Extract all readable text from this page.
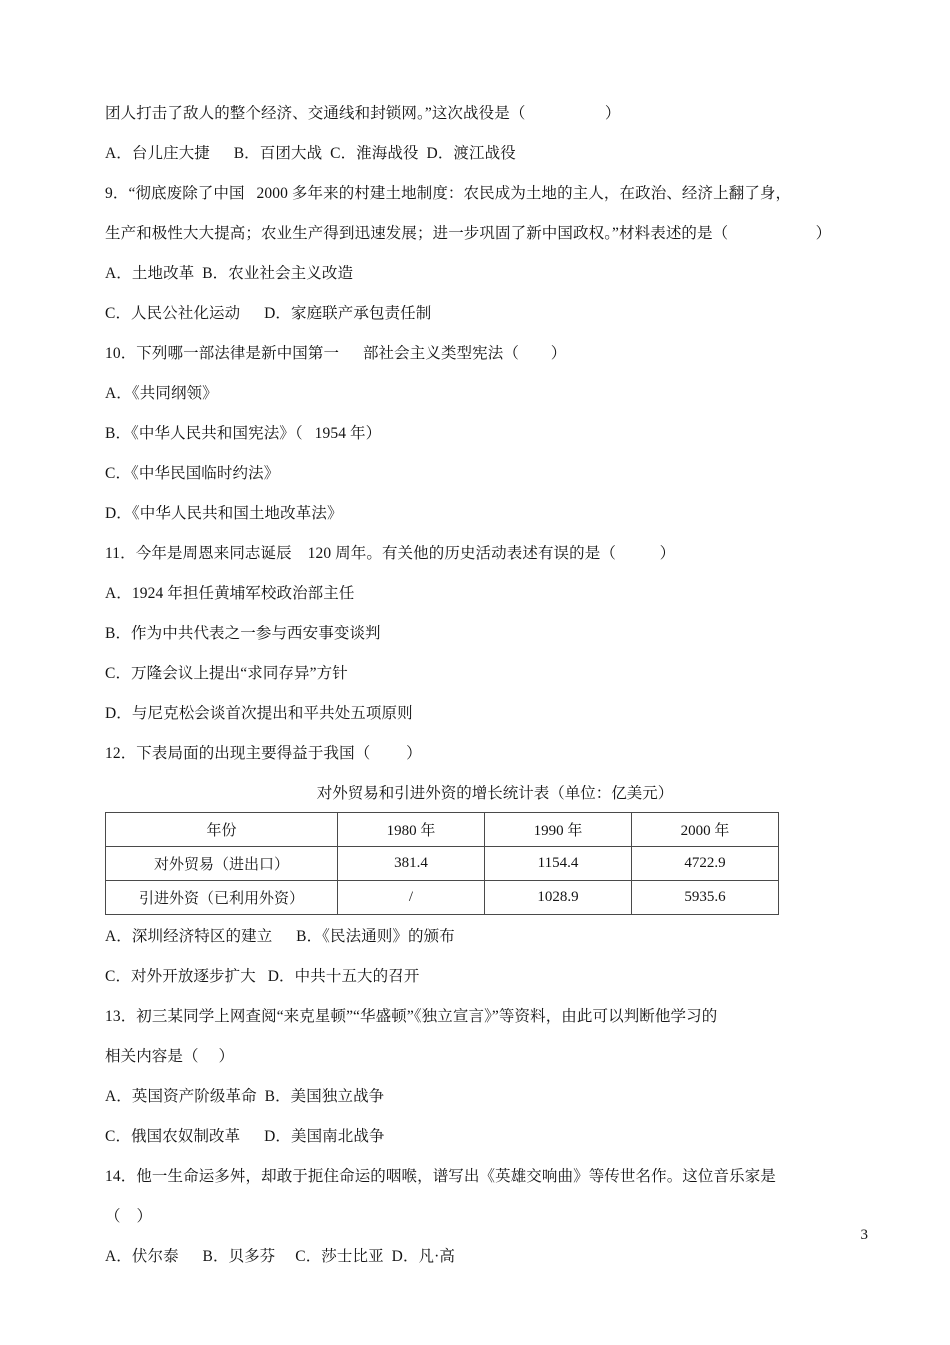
团人打击了敌人的整个经济、交通线和封锁网。”这次战役是（                    ）
A．台儿庄大捷      B．百团大战  C．淮海战役  D．渡江战役
9．“彻底废除了中国   2000 多年来的村建土地制度：农民成为土地的主人，在政治、经济上翻了身，
生产和极性大大提高；农业生产得到迅速发展；进一步巩固了新中国政权。”材料表述的是（                      ）
A．土地改革  B．农业社会主义改造
C．人民公社化运动      D．家庭联产承包责任制
10．下列哪一部法律是新中国第一      部社会主义类型宪法（        ）
A．《共同纲领》
B．《中华人民共和国宪法》（   1954 年）
C．《中华民国临时约法》
D．《中华人民共和国土地改革法》
11．今年是周恩来同志诞辰    120 周年。有关他的历史活动表述有误的是（           ）
A．1924 年担任黄埔军校政治部主任
B．作为中共代表之一参与西安事变谈判
C．万隆会议上提出“求同存异”方针
D．与尼克松会谈首次提出和平共处五项原则
12．下表局面的出现主要得益于我国（         ）
对外贸易和引进外资的增长统计表（单位：亿美元）
年份	1980 年	1990 年	2000 年
对外贸易（进出口）	381.4	1154.4	4722.9
引进外资（已利用外资）	/	1028.9	5935.6
A．深圳经济特区的建立      B．《民法通则》的颁布
C．对外开放逐步扩大   D．中共十五大的召开
13．初三某同学上网查阅“来克星顿”“华盛顿”《独立宣言》”等资料，由此可以判断他学习的
相关内容是（     ）
A．英国资产阶级革命  B．美国独立战争
C．俄国农奴制改革      D．美国南北战争
14．他一生命运多舛，却敢于扼住命运的咽喉，谱写出《英雄交响曲》等传世名作。这位音乐家是
（    ）
A．伏尔泰      B．贝多芬     C．莎士比亚  D．凡·高
3
